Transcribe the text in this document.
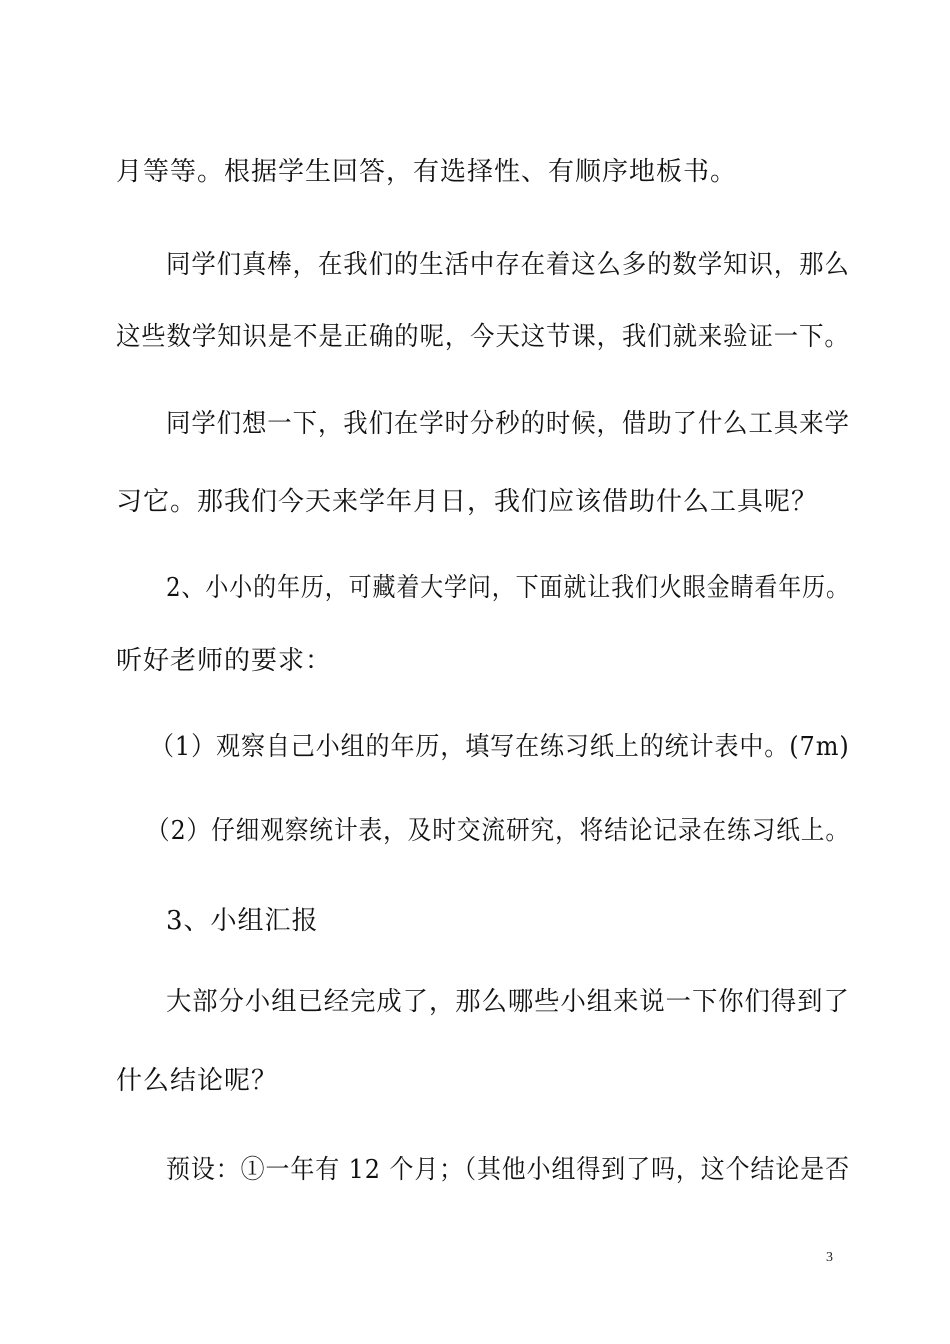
月等等。根据学生回答，有选择性、有顺序地板书。
同学们真棒，在我们的生活中存在着这么多的数学知识，那么
这些数学知识是不是正确的呢，今天这节课，我们就来验证一下。
同学们想一下，我们在学时分秒的时候，借助了什么工具来学
习它。那我们今天来学年月日，我们应该借助什么工具呢？
2、小小的年历，可藏着大学问，下面就让我们火眼金睛看年历。
听好老师的要求：
（1）观察自己小组的年历，填写在练习纸上的统计表中。(7m)
（2）仔细观察统计表，及时交流研究，将结论记录在练习纸上。
3、小组汇报
大部分小组已经完成了，那么哪些小组来说一下你们得到了
什么结论呢？
预设：①一年有 12 个月；（其他小组得到了吗，这个结论是否
3
